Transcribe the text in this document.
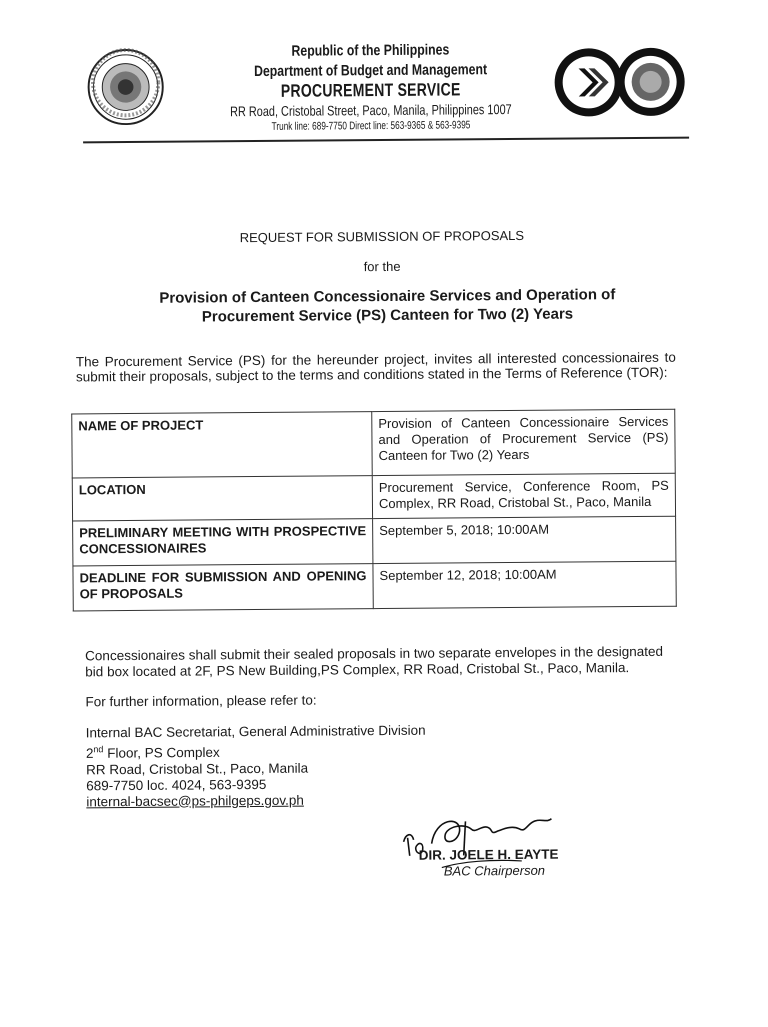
Republic of the Philippines
Department of Budget and Management
PROCUREMENT SERVICE
RR Road, Cristobal Street, Paco, Manila, Philippines 1007
Trunk line: 689-7750 Direct line: 563-9365 & 563-9395
REQUEST FOR SUBMISSION OF PROPOSALS
for the
Provision of Canteen Concessionaire Services and Operation of
Procurement Service (PS) Canteen for Two (2) Years
The Procurement Service (PS) for the hereunder project, invites all interested concessionaires to submit their proposals, subject to the terms and conditions stated in the Terms of Reference (TOR):
NAME OF PROJECT	Provision of Canteen Concessionaire Services and Operation of Procurement Service (PS) Canteen for Two (2) Years
LOCATION	Procurement Service, Conference Room, PS Complex, RR Road, Cristobal St., Paco, Manila
PRELIMINARY MEETING WITH PROSPECTIVE CONCESSIONAIRES	September 5, 2018; 10:00AM
DEADLINE FOR SUBMISSION AND OPENING OF PROPOSALS	September 12, 2018; 10:00AM
Concessionaires shall submit their sealed proposals in two separate envelopes in the designated bid box located at 2F, PS New Building,PS Complex, RR Road, Cristobal St., Paco, Manila.
For further information, please refer to:
Internal BAC Secretariat, General Administrative Division
2nd Floor, PS Complex
RR Road, Cristobal St., Paco, Manila
689-7750 loc. 4024, 563-9395
internal-bacsec@ps-philgeps.gov.ph
DIR. JOELE H. EAYTE
BAC Chairperson
